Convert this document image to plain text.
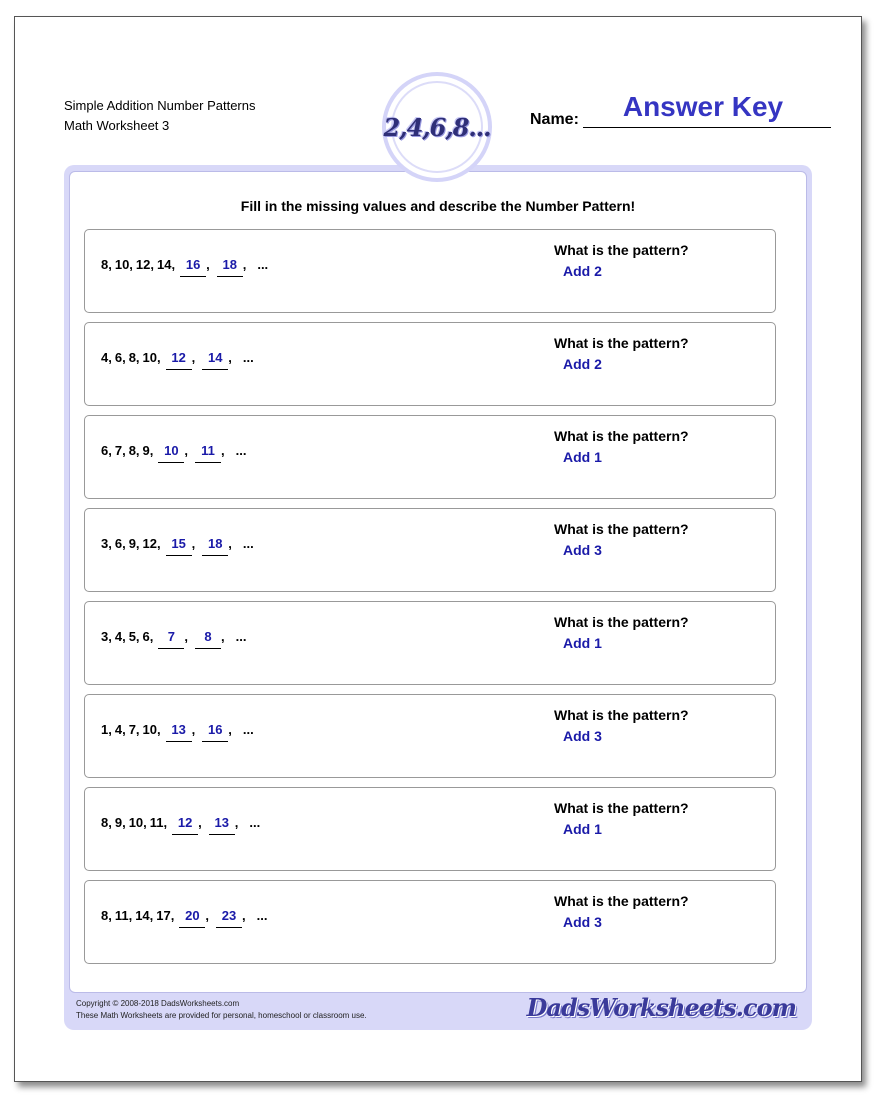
Simple Addition Number Patterns
Math Worksheet 3	2,4,6,8... Name:	Answer Key
Fill in the missing values and describe the Number Pattern!
8, 10, 12, 14, 16 , 18 , ...
What is the pattern?
Add 2
4, 6, 8, 10, 12 , 14 , ...
What is the pattern?
Add 2
6, 7, 8, 9, 10 , 11 , ...
What is the pattern?
Add 1
3, 6, 9, 12, 15 , 18 , ...
What is the pattern?
Add 3
3, 4, 5, 6, 7 , 8 , ...
What is the pattern?
Add 1
1, 4, 7, 10, 13 , 16 , ...
What is the pattern?
Add 3
8, 9, 10, 11, 12 , 13 , ...
What is the pattern?
Add 1
8, 11, 14, 17, 20 , 23 , ...
What is the pattern?
Add 3
Copyright © 2008-2018 DadsWorksheets.com
These Math Worksheets are provided for personal, homeschool or classroom use.	DadsWorksheets.com
